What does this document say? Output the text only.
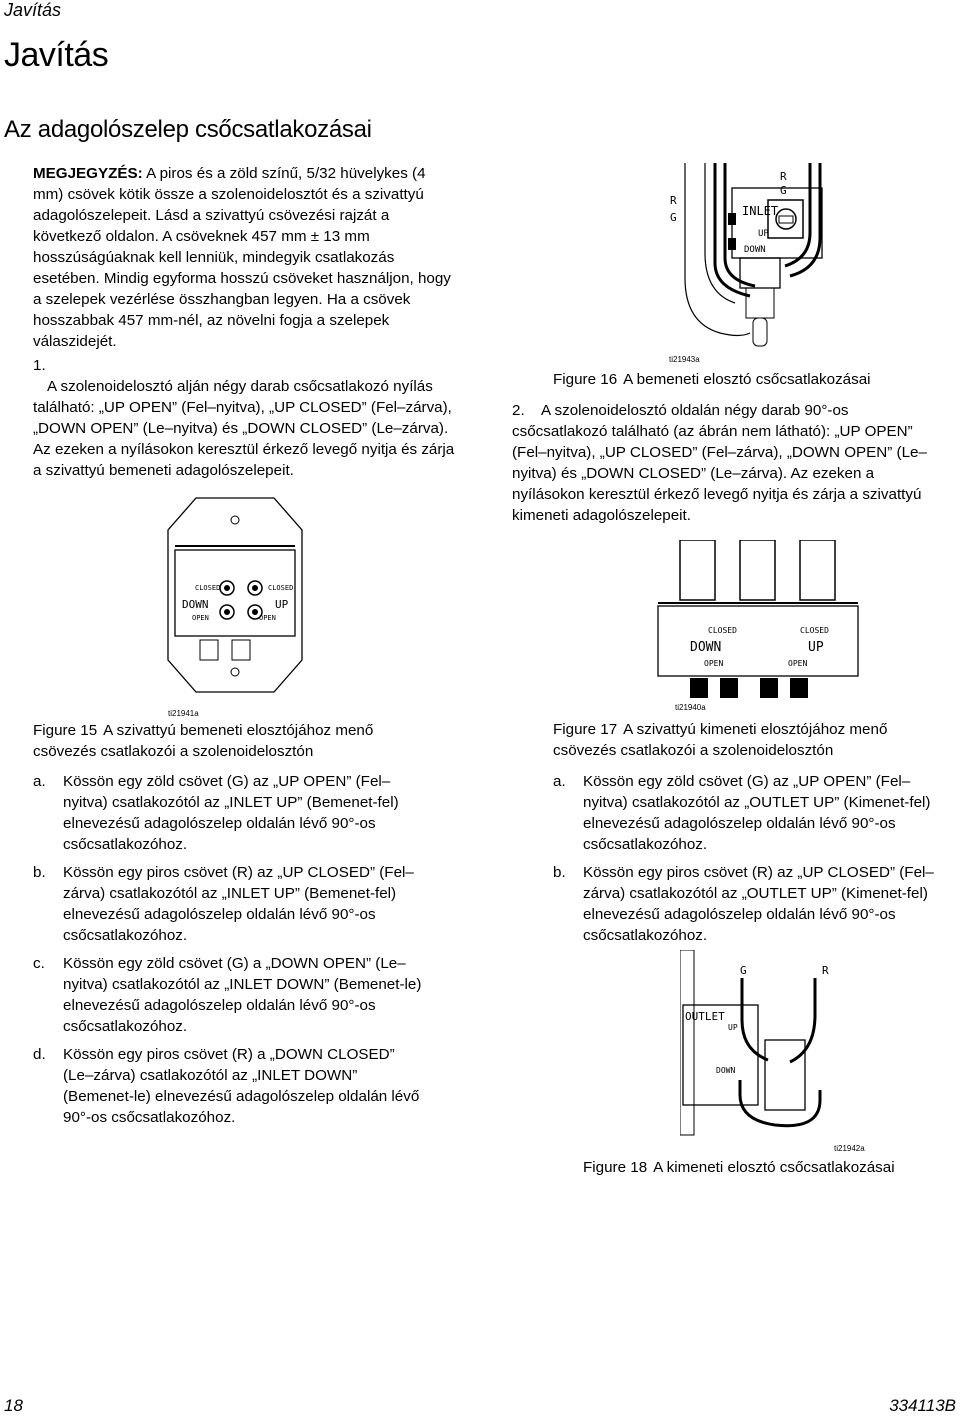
Javítás
Javítás
Az adagolószelep csőcsatlakozásai
MEGJEGYZÉS: A piros és a zöld színű, 5/32 hüvelykes (4 mm) csövek kötik össze a szolenoidelosztót és a szivattyú adagolószelepeit. Lásd a szivattyú csövezési rajzát a következő oldalon. A csöveknek 457 mm ± 13 mm hosszúságúaknak kell lenniük, mindegyik csatlakozás esetében. Mindig egyforma hosszú csöveket használjon, hogy a szelepek vezérlése összhangban legyen. Ha a csövek hosszabbak 457 mm-nél, az növelni fogja a szelepek válaszidejét.
1.
A szolenoidelosztó alján négy darab csőcsatlakozó nyílás található: „UP OPEN” (Fel–nyitva), „UP CLOSED” (Fel–zárva), „DOWN OPEN” (Le–nyitva) és „DOWN CLOSED” (Le–zárva). Az ezeken a nyílásokon keresztül érkező levegő nyitja és zárja a szivattyú bemeneti adagolószelepeit.
CLOSED	CLOSED
DOWN	UP
OPEN	OPEN
ti21941a
Figure 15 A szivattyú bemeneti elosztójához menő csövezés csatlakozói a szolenoidelosztón
a.	Kössön egy zöld csövet (G) az „UP OPEN” (Fel–nyitva) csatlakozótól az „INLET UP” (Bemenet-fel) elnevezésű adagolószelep oldalán lévő 90°-os csőcsatlakozóhoz.
b.	Kössön egy piros csövet (R) az „UP CLOSED” (Fel–zárva) csatlakozótól az „INLET UP” (Bemenet-fel) elnevezésű adagolószelep oldalán lévő 90°-os csőcsatlakozóhoz.
c.	Kössön egy zöld csövet (G) a „DOWN OPEN” (Le–nyitva) csatlakozótól az „INLET DOWN” (Bemenet-le) elnevezésű adagolószelep oldalán lévő 90°-os csőcsatlakozóhoz.
d.	Kössön egy piros csövet (R) a „DOWN CLOSED” (Le–zárva) csatlakozótól az „INLET DOWN” (Bemenet-le) elnevezésű adagolószelep oldalán lévő 90°-os csőcsatlakozóhoz.
R
G
R
G
INLET
UP
DOWN
ti21943a
Figure 16 A bemeneti elosztó csőcsatlakozásai
2.	A szolenoidelosztó oldalán négy darab 90°-os csőcsatlakozó található (az ábrán nem látható): „UP OPEN” (Fel–nyitva), „UP CLOSED” (Fel–zárva), „DOWN OPEN” (Le–nyitva) és „DOWN CLOSED” (Le–zárva). Az ezeken a nyílásokon keresztül érkező levegő nyitja és zárja a szivattyú kimeneti adagolószelepeit.
CLOSED	CLOSED
DOWN	UP
OPEN	OPEN
ti21940a
Figure 17 A szivattyú kimeneti elosztójához menő csövezés csatlakozói a szolenoidelosztón
a.	Kössön egy zöld csövet (G) az „UP OPEN” (Fel–nyitva) csatlakozótól az „OUTLET UP” (Kimenet-fel) elnevezésű adagolószelep oldalán lévő 90°-os csőcsatlakozóhoz.
b.	Kössön egy piros csövet (R) az „UP CLOSED” (Fel–zárva) csatlakozótól az „OUTLET UP” (Kimenet-fel) elnevezésű adagolószelep oldalán lévő 90°-os csőcsatlakozóhoz.
G	R
OUTLET
UP
DOWN
ti21942a
Figure 18 A kimeneti elosztó csőcsatlakozásai
18	334113B
